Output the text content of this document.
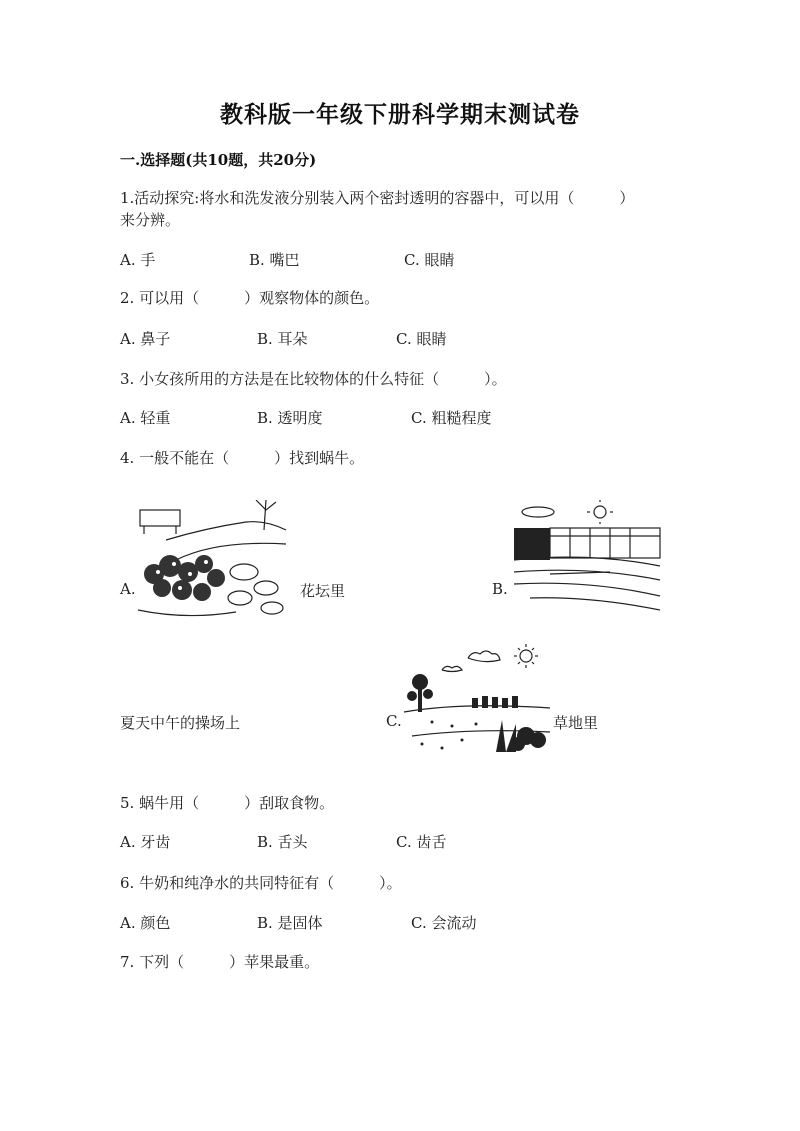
教科版一年级下册科学期末测试卷
一.选择题(共10题，共20分)
1.活动探究:将水和洗发液分别装入两个密封透明的容器中，可以用（　　　）
来分辨。
A. 手	B. 嘴巴	C. 眼睛
2. 可以用（　　　）观察物体的颜色。
A. 鼻子	B. 耳朵	C. 眼睛
3. 小女孩所用的方法是在比较物体的什么特征（　　　）。
A. 轻重	B. 透明度	C. 粗糙程度
4. 一般不能在（　　　）找到蜗牛。
A.	花坛里	B.
夏天中午的操场上	C.	草地里
5. 蜗牛用（　　　）刮取食物。
A. 牙齿	B. 舌头	C. 齿舌
6. 牛奶和纯净水的共同特征有（　　　）。
A. 颜色	B. 是固体	C. 会流动
7. 下列（　　　）苹果最重。
